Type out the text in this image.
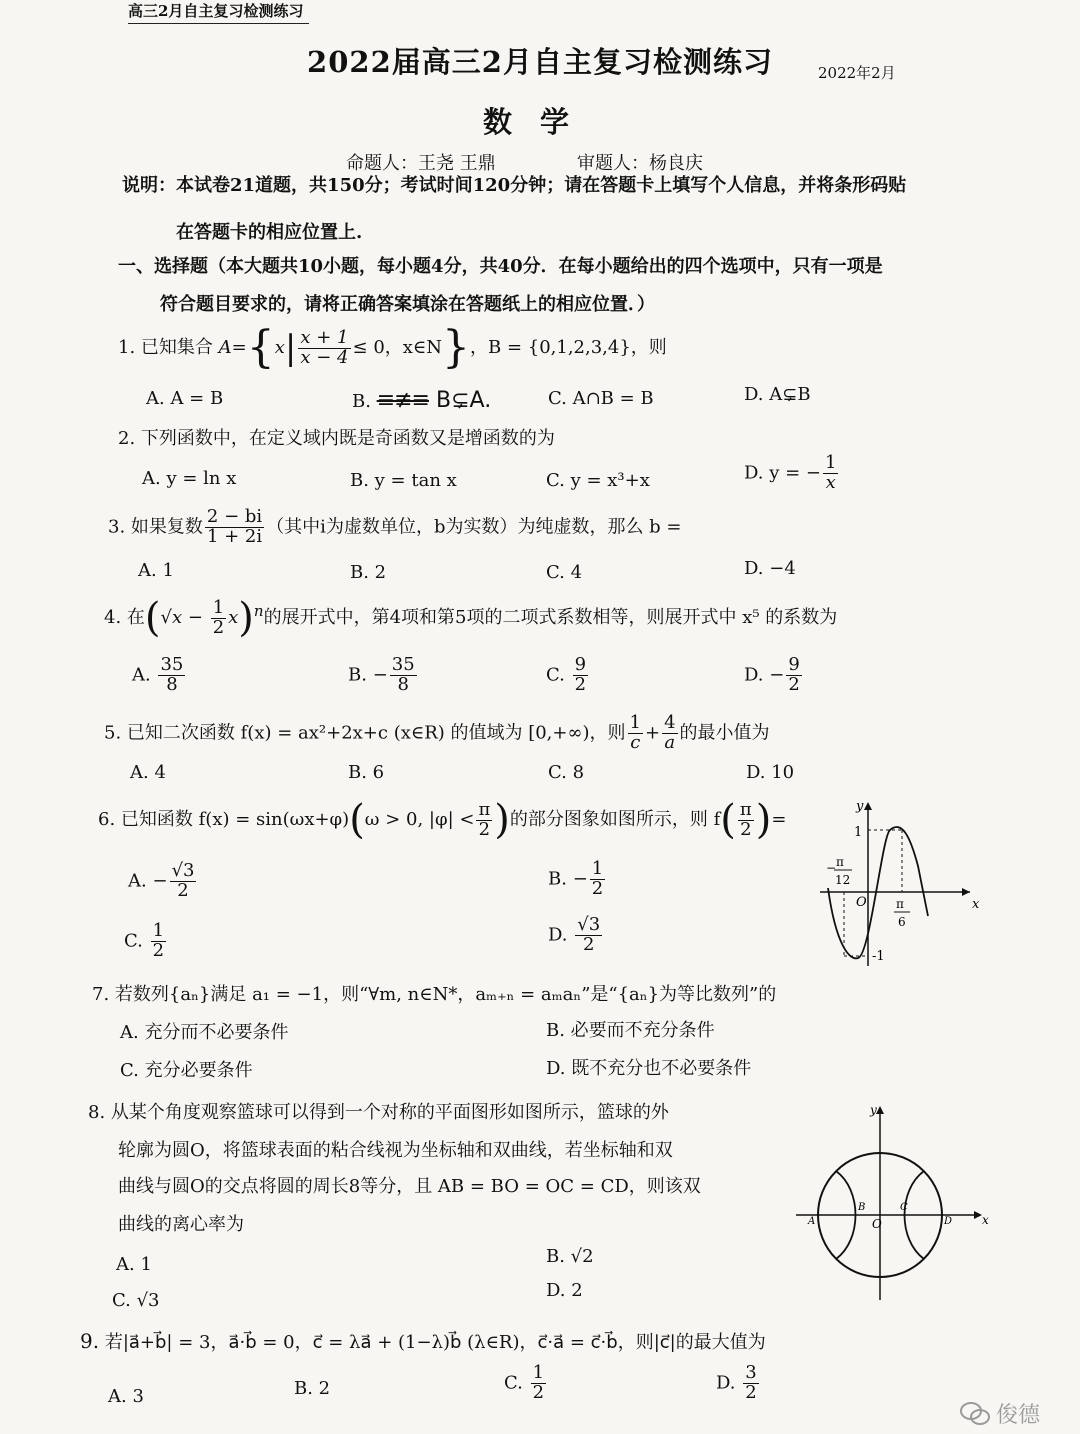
高三2月自主复习检测练习
2022届高三2月自主复习检测练习	2022年2月
数学
命题人：王尧 王鼎	审题人：杨良庆
说明：本试卷21道题，共150分；考试时间120分钟；请在答题卡上填写个人信息，并将条形码贴
在答题卡的相应位置上.
一、选择题（本大题共10小题，每小题4分，共40分．在每小题给出的四个选项中，只有一项是
符合题目要求的，请将正确答案填涂在答题纸上的相应位置．）
1. 已知集合 $A=\{x| \frac{x + 1}{x - 4} \le 0$，x∈N}，B = {0,1,2,3,4}，则
A. A = B	B. ≡≢≡ B⊊A.	C. A∩B = B	D. A⊊B
2. 下列函数中，在定义域内既是奇函数又是增函数的为
A. y = ln x	B. y = tan x	C. y = x³+x	D. y = − $\frac{1}{x}$
3. 如果复数 $\frac{2 - bi}{1 + 2i}$ （其中i为虚数单位，b为实数）为纯虚数，那么 b =
A. 1	B. 2	C. 4	D. −4
4. 在$(√x - \frac{1}{2} x)^n$的展开式中，第4项和第5项的二项式系数相等，则展开式中 x⁵ 的系数为
A. $\frac{35}{8}$	B. − $\frac{35}{8}$	C. $\frac{9}{2}$	D. − $\frac{9}{2}$
5. 已知二次函数 f(x) = ax²+2x+c (x∈R) 的值域为 [0,+∞)，则 $\frac{1}{c} + \frac{4}{a}$ 的最小值为
A. 4	B. 6	C. 8	D. 10
6. 已知函数 f(x) = sin(ωx+φ)(ω > 0, $|\varphi| < \frac{\pi}{2}$ )的部分图象如图所示，则 $f( \frac{\pi}{2}$ )=
A. − $\frac{√3}{2}$	B. − $\frac{1}{2}$
C. $\frac{1}{2}$	D. $\frac{√3}{2}$
y
x
1
-1
O
− π
12
π
6
7. 若数列{aₙ}满足 a₁ = −1，则“∀m, n∈N*，aₘ₊ₙ = aₘaₙ”是“{aₙ}为等比数列”的
A. 充分而不必要条件	B. 必要而不充分条件
C. 充分必要条件	D. 既不充分也不必要条件
8. 从某个角度观察篮球可以得到一个对称的平面图形如图所示，篮球的外
轮廓为圆O，将篮球表面的粘合线视为坐标轴和双曲线，若坐标轴和双
曲线与圆O的交点将圆的周长8等分，且 AB = BO = OC = CD，则该双
曲线的离心率为
A. 1	B. √2
C. √3	D. 2
y
x
A
B
O
C
D
9. 若|a⃗+b⃗| = 3，a⃗·b⃗ = 0，c⃗ = λa⃗ + (1−λ)b⃗ (λ∈R)，c⃗·a⃗ = c⃗·b⃗，则|c⃗|的最大值为
A. 3	B. 2	C. $\frac{1}{2}$	D. $\frac{3}{2}$
俊德
